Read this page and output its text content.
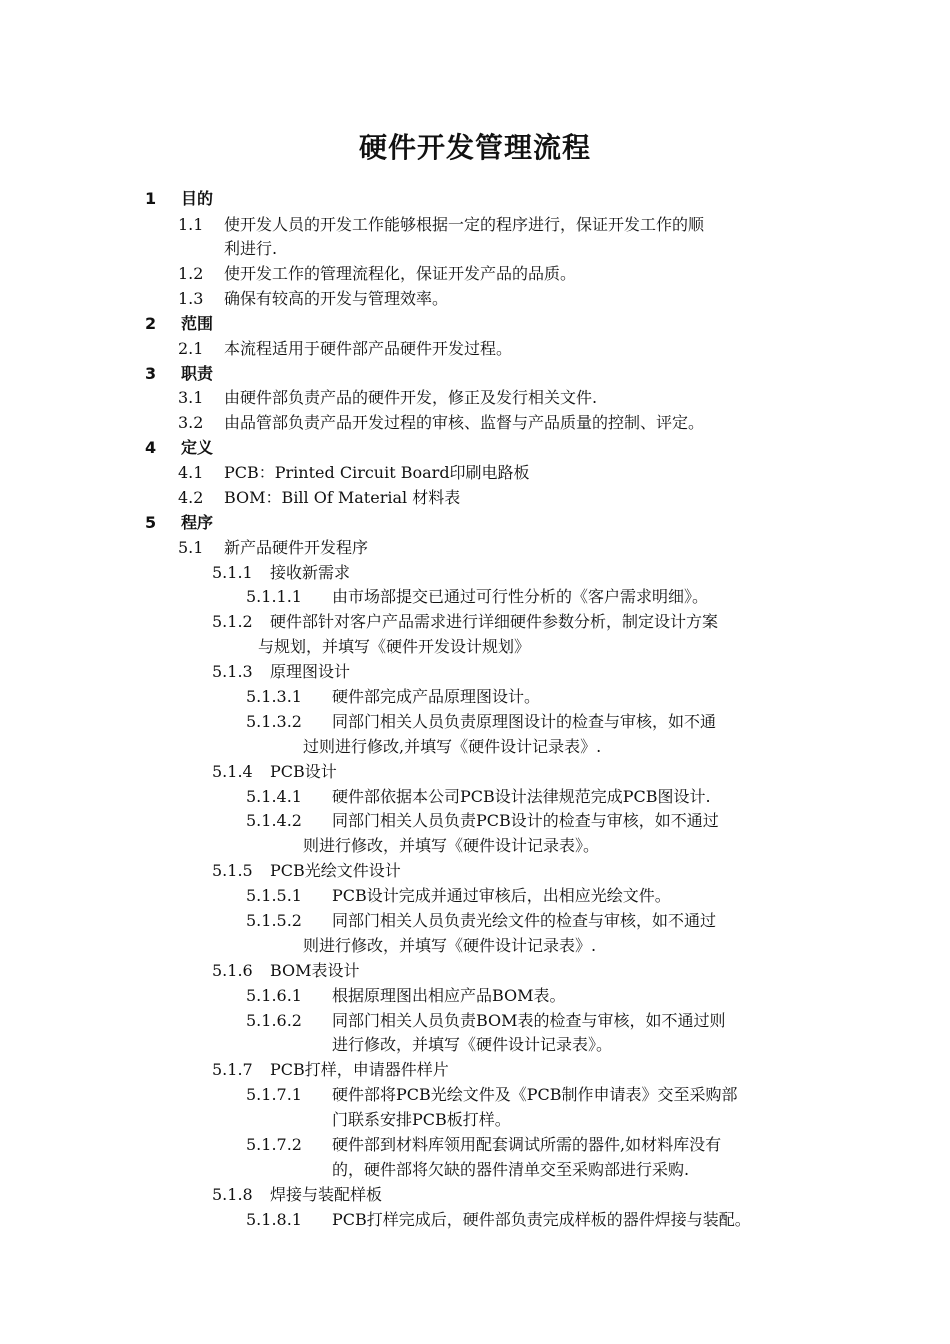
硬件开发管理流程
1 目的
1.1 使开发人员的开发工作能够根据一定的程序进行，保证开发工作的顺
利进行.
1.2 使开发工作的管理流程化，保证开发产品的品质。
1.3 确保有较高的开发与管理效率。
2 范围
2.1 本流程适用于硬件部产品硬件开发过程。
3 职责
3.1 由硬件部负责产品的硬件开发，修正及发行相关文件.
3.2 由品管部负责产品开发过程的审核、监督与产品质量的控制、评定。
4 定义
4.1 PCB：Printed Circuit Board印刷电路板
4.2 BOM：Bill Of Material 材料表
5 程序
5.1 新产品硬件开发程序
5.1.1 接收新需求
5.1.1.1 由市场部提交已通过可行性分析的《客户需求明细》。
5.1.2 硬件部针对客户产品需求进行详细硬件参数分析，制定设计方案
与规划，并填写《硬件开发设计规划》
5.1.3 原理图设计
5.1.3.1 硬件部完成产品原理图设计。
5.1.3.2 同部门相关人员负责原理图设计的检查与审核，如不通
过则进行修改,并填写《硬件设计记录表》.
5.1.4 PCB设计
5.1.4.1 硬件部依据本公司PCB设计法律规范完成PCB图设计.
5.1.4.2 同部门相关人员负责PCB设计的检查与审核，如不通过
则进行修改，并填写《硬件设计记录表》。
5.1.5 PCB光绘文件设计
5.1.5.1 PCB设计完成并通过审核后，出相应光绘文件。
5.1.5.2 同部门相关人员负责光绘文件的检查与审核，如不通过
则进行修改，并填写《硬件设计记录表》.
5.1.6 BOM表设计
5.1.6.1 根据原理图出相应产品BOM表。
5.1.6.2 同部门相关人员负责BOM表的检查与审核，如不通过则
进行修改，并填写《硬件设计记录表》。
5.1.7 PCB打样，申请器件样片
5.1.7.1 硬件部将PCB光绘文件及《PCB制作申请表》交至采购部
门联系安排PCB板打样。
5.1.7.2 硬件部到材料库领用配套调试所需的器件,如材料库没有
的，硬件部将欠缺的器件清单交至采购部进行采购.
5.1.8 焊接与装配样板
5.1.8.1 PCB打样完成后，硬件部负责完成样板的器件焊接与装配。
